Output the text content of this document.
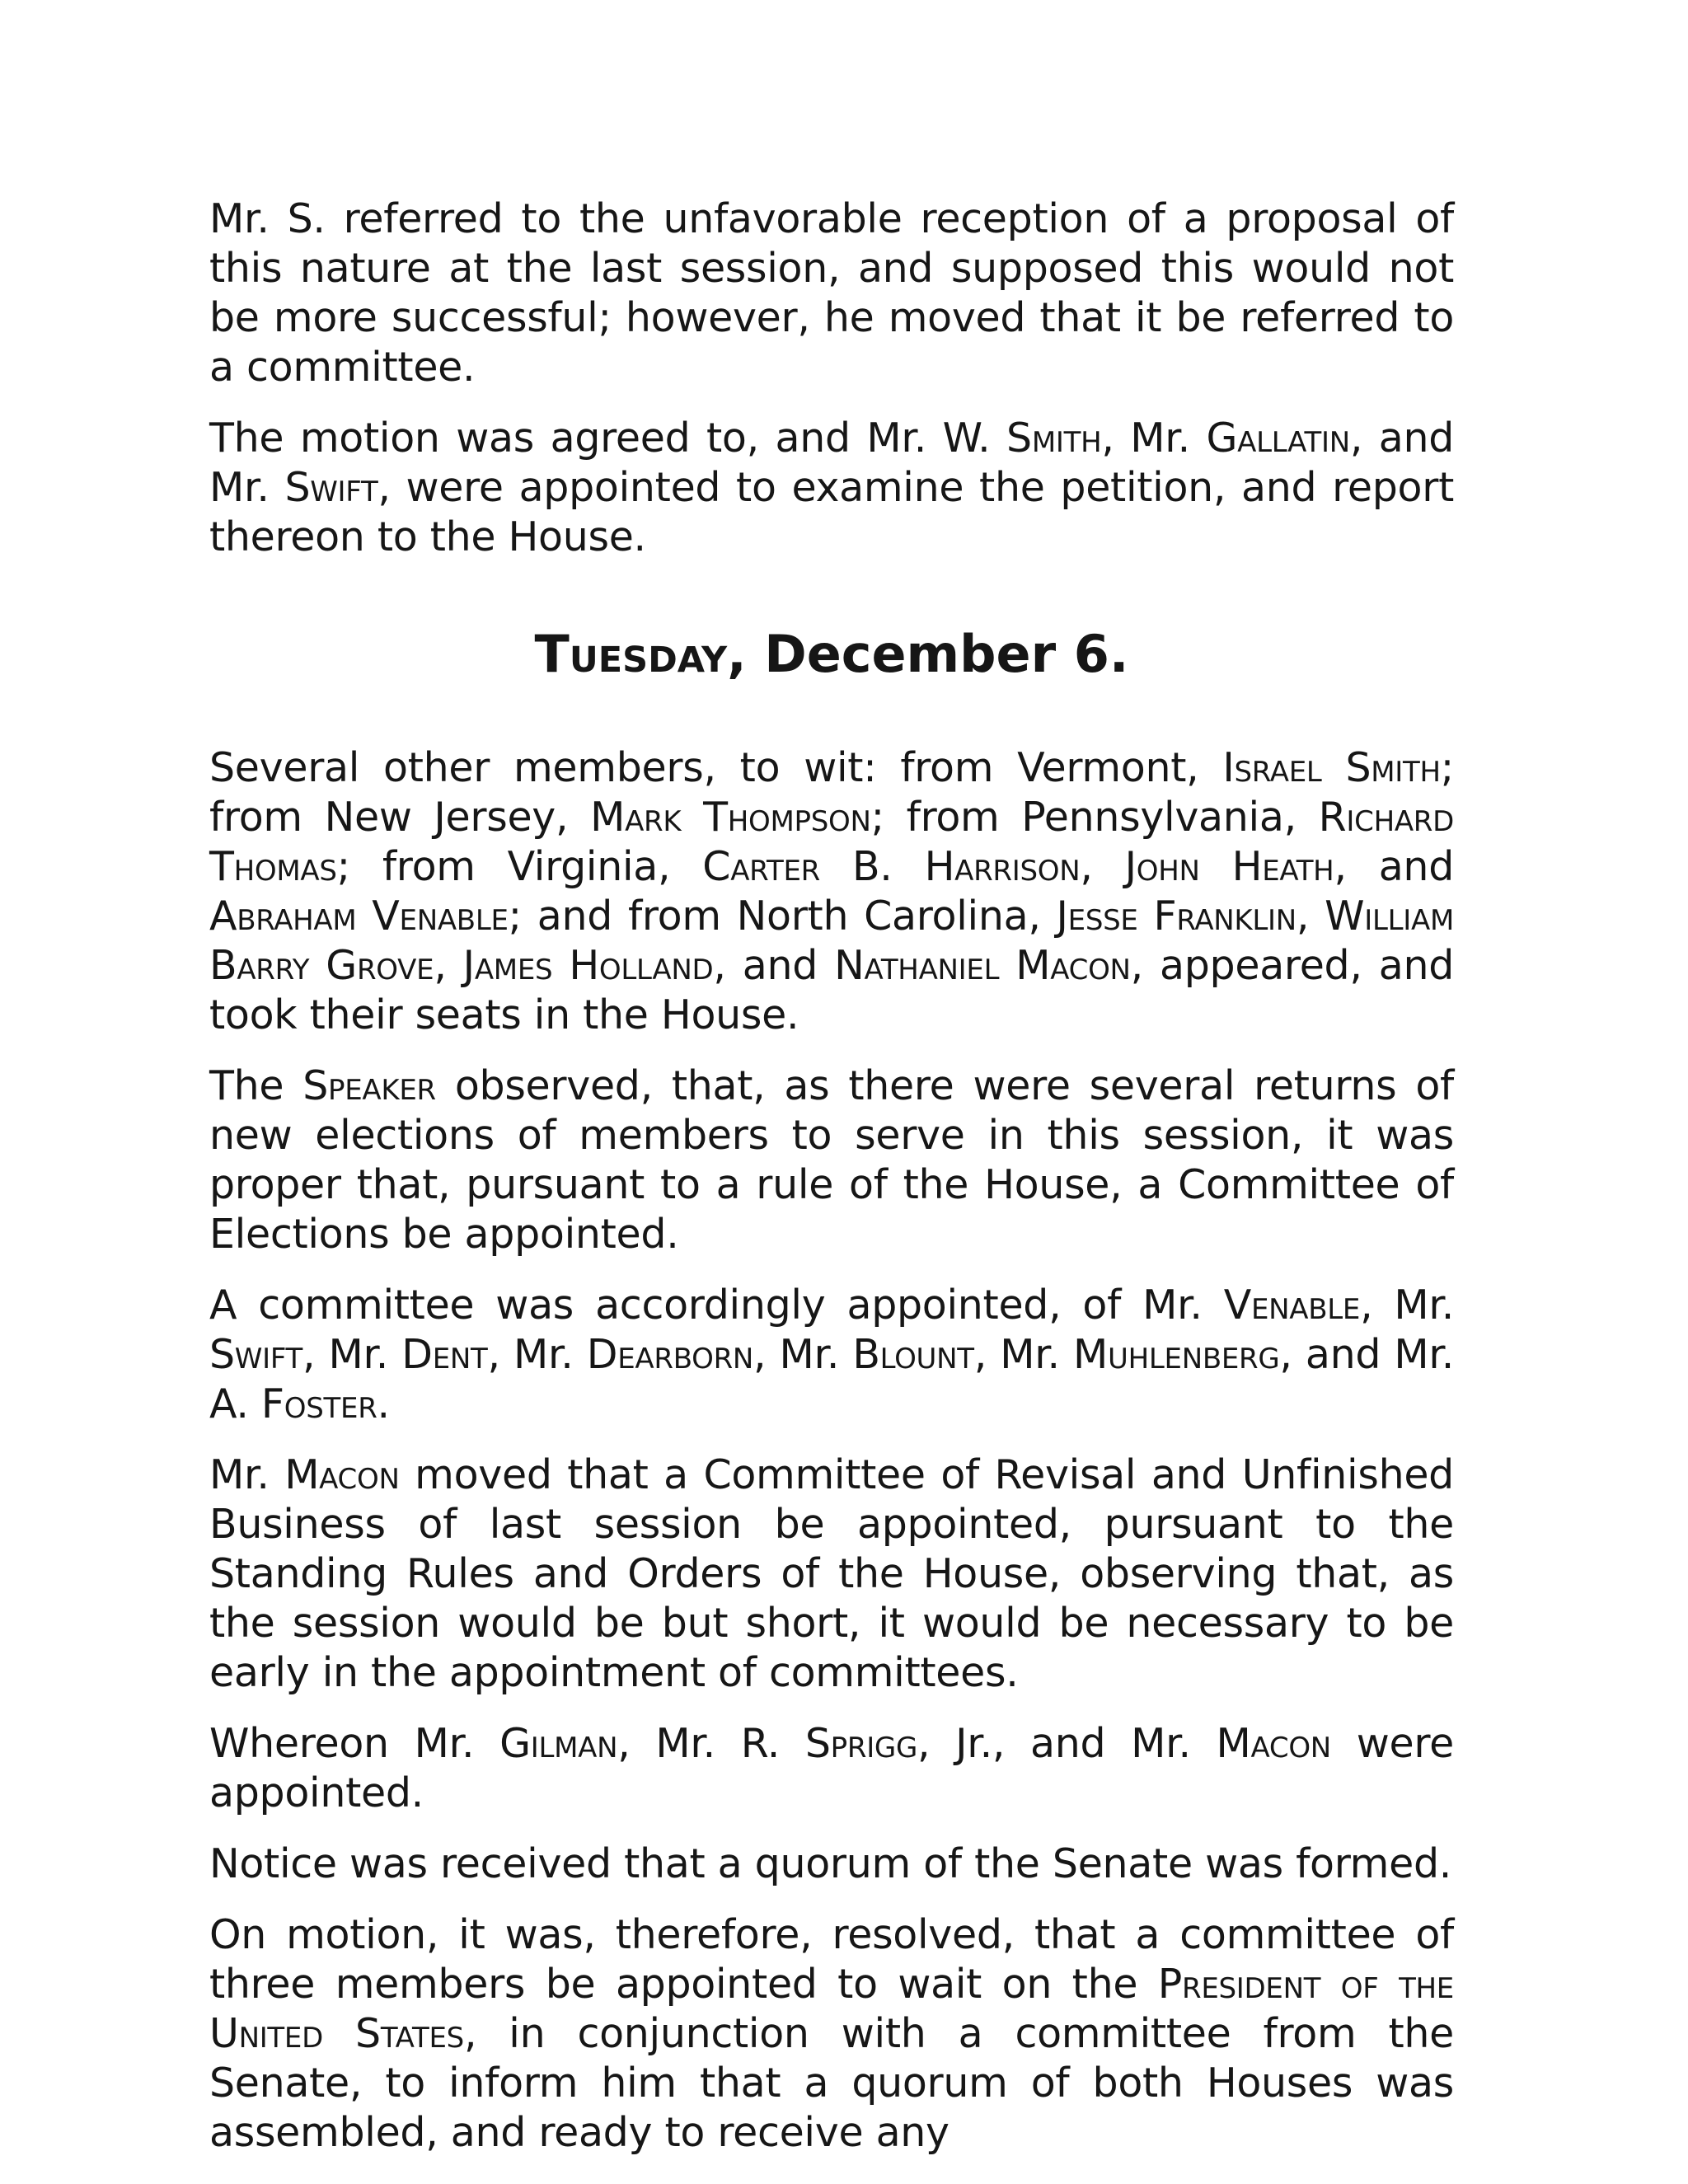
Mr. S. referred to the unfavorable reception of a proposal of this nature at the last session, and supposed this would not be more successful; however, he moved that it be referred to a committee.

The motion was agreed to, and Mr. W. Smith, Mr. Gallatin, and Mr. Swift, were appointed to examine the petition, and report thereon to the House.

Tuesday, December 6.

Several other members, to wit: from Vermont, Israel Smith; from New Jersey, Mark Thompson; from Pennsylvania, Richard Thomas; from Virginia, Carter B. Harrison, John Heath, and Abraham Venable; and from North Carolina, Jesse Franklin, William Barry Grove, James Holland, and Nathaniel Macon, appeared, and took their seats in the House.

The Speaker observed, that, as there were several returns of new elections of members to serve in this session, it was proper that, pursuant to a rule of the House, a Committee of Elections be appointed.

A committee was accordingly appointed, of Mr. Venable, Mr. Swift, Mr. Dent, Mr. Dearborn, Mr. Blount, Mr. Muhlenberg, and Mr. A. Foster.

Mr. Macon moved that a Committee of Revisal and Unfinished Business of last session be appointed, pursuant to the Standing Rules and Orders of the House, observing that, as the session would be but short, it would be necessary to be early in the appointment of committees.

Whereon Mr. Gilman, Mr. R. Sprigg, Jr., and Mr. Macon were appointed.

Notice was received that a quorum of the Senate was formed.

On motion, it was, therefore, resolved, that a committee of three members be appointed to wait on the President of the United States, in conjunction with a committee from the Senate, to inform him that a quorum of both Houses was assembled, and ready to receive any
